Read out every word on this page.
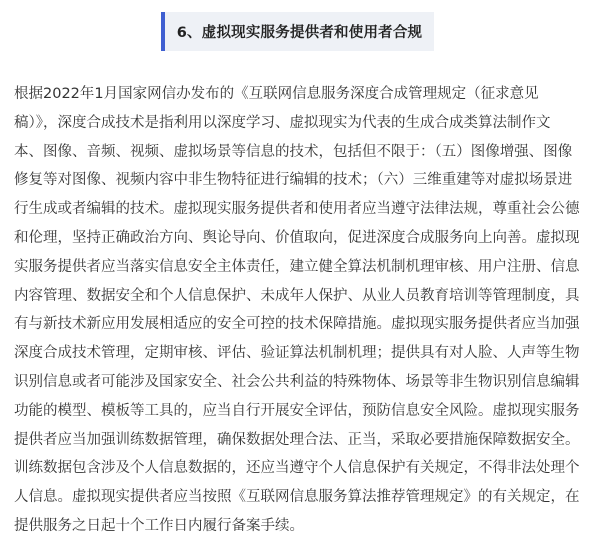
6、虚拟现实服务提供者和使用者合规
根据2022年1月国家网信办发布的《互联网信息服务深度合成管理规定（征求意见
稿）》，深度合成技术是指利用以深度学习、虚拟现实为代表的生成合成类算法制作文
本、图像、音频、视频、虚拟场景等信息的技术，包括但不限于：（五）图像增强、图像
修复等对图像、视频内容中非生物特征进行编辑的技术；（六）三维重建等对虚拟场景进
行生成或者编辑的技术。虚拟现实服务提供者和使用者应当遵守法律法规，尊重社会公德
和伦理，坚持正确政治方向、舆论导向、价值取向，促进深度合成服务向上向善。虚拟现
实服务提供者应当落实信息安全主体责任，建立健全算法机制机理审核、用户注册、信息
内容管理、数据安全和个人信息保护、未成年人保护、从业人员教育培训等管理制度，具
有与新技术新应用发展相适应的安全可控的技术保障措施。虚拟现实服务提供者应当加强
深度合成技术管理，定期审核、评估、验证算法机制机理；提供具有对人脸、人声等生物
识别信息或者可能涉及国家安全、社会公共利益的特殊物体、场景等非生物识别信息编辑
功能的模型、模板等工具的，应当自行开展安全评估，预防信息安全风险。虚拟现实服务
提供者应当加强训练数据管理，确保数据处理合法、正当，采取必要措施保障数据安全。
训练数据包含涉及个人信息数据的，还应当遵守个人信息保护有关规定，不得非法处理个
人信息。虚拟现实提供者应当按照《互联网信息服务算法推荐管理规定》的有关规定，在
提供服务之日起十个工作日内履行备案手续。
